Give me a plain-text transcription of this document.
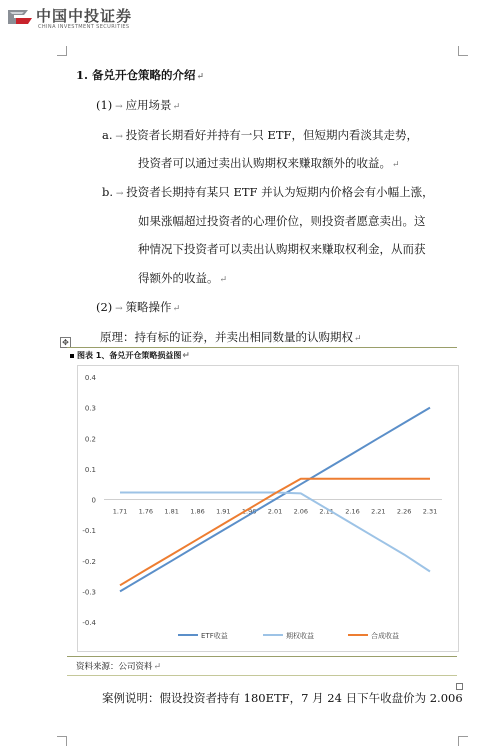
中国中投证券
CHINA INVESTMENT SECURITIES
1. 备兑开仓策略的介绍↵
(1) → 应用场景↵
a. → 投资者长期看好并持有一只 ETF，但短期内看淡其走势，
投资者可以通过卖出认购期权来赚取额外的收益。↵
b. → 投资者长期持有某只 ETF 并认为短期内价格会有小幅上涨，
如果涨幅超过投资者的心理价位，则投资者愿意卖出。这
种情况下投资者可以卖出认购期权来赚取权利金，从而获
得额外的收益。↵
(2) → 策略操作↵
✥	原理：持有标的证券，并卖出相同数量的认购期权↵
图表 1、备兑开仓策略损益图↵
0.4
0.3
0.2
0.1
0
-0.1
-0.2
-0.3
-0.4
1.71 1.76 1.81 1.86 1.91 1.96 2.01 2.06 2.11 2.16 2.21 2.26 2.31
ETF收益	期权收益	合成收益
资料来源：公司资料↵
案例说明：假设投资者持有 180ETF，7 月 24 日下午收盘价为 2.006
